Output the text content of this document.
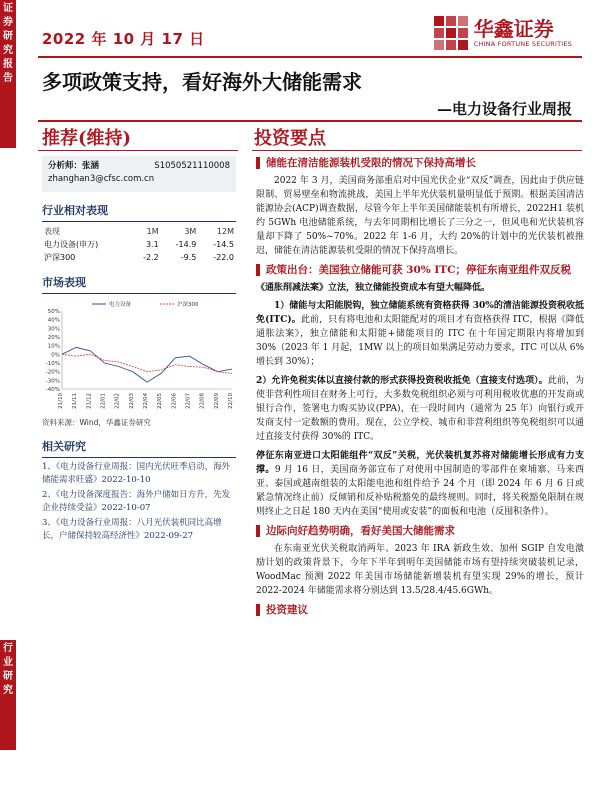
证
券
研
究
报
告
行
业
研
究
2022 年 10 月 17 日	华鑫证券
CHINA FORTUNE SECURITIES
多项政策支持，看好海外大储能需求
—电力设备行业周报
推荐(维持)	投资要点
分析师：张涵	S1050521110008
zhanghan3@cfsc.com.cn
行业相对表现
表现	1M	3M	12M
电力设备(申万)	3.1	-14.9	-14.5
沪深300	-2.2	-9.5	-22.0
市场表现
50%
40%
30%
20%
10%
0%
-10%
-20%
-30%
-40%
21/10 21/11 21/12 22/01 22/02 22/03 22/04 22/05 22/06 22/07 22/08 22/09 22/10
电力设备	沪深300
资料来源：Wind，华鑫证券研究
相关研究
1、《电力设备行业周报：国内光伏旺季启动，海外储能需求旺盛》2022-10-10
2、《电力设备深度报告：海外户储如日方升，先发企业持续受益》2022-10-07
3、《电力设备行业周报：八月光伏装机同比高增长，户储保持较高经济性》2022-09-27
储能在清洁能源装机受限的情况下保持高增长
2022 年 3 月，美国商务部重启对中国光伏企业“双反”调查，因此由于供应链限制、贸易壁垒和物流挑战，美国上半年光伏装机量明显低于预期。根据美国清洁能源协会(ACP)调查数据，尽管今年上半年美国储能装机有所增长，2022H1 装机约 5GWh 电池储能系统，与去年同期相比增长了三分之一，但风电和光伏装机容量却下降了 50%~70%。2022 年 1-6 月，大约 20%的计划中的光伏装机被推迟，储能在清洁能源装机受限的情况下保持高增长。
政策出台：美国独立储能可获 30% ITC；停征东南亚组件双反税
《通胀削减法案》立法，独立储能投资成本有望大幅降低。
1）储能与太阳能脱钩，独立储能系统有资格获得 30%的清洁能源投资税收抵免(ITC)。此前，只有将电池和太阳能配对的项目才有资格获得 ITC，根据《降低通胀法案》，独立储能和太阳能+储能项目的 ITC 在十年国定期限内将增加到 30%（2023 年 1 月起，1MW 以上的项目如果满足劳动力要求，ITC 可以从 6%增长到 30%）；
2）允许免税实体以直接付款的形式获得投资税收抵免（直接支付选项）。此前，为使非营利性项目在财务上可行，大多数免税组织必须与可利用税收优惠的开发商或银行合作，签署电力购买协议(PPA)，在一段时间内（通常为 25 年）向银行或开发商支付一定数额的费用。现在，公立学校、城市和非营利组织等免税组织可以通过直接支付获得 30%的 ITC。
停征东南亚进口太阳能组件“双反”关税，光伏装机复苏将对储能增长形成有力支撑。9 月 16 日，美国商务部宣布了对使用中国制造的零部件在柬埔寨、马来西亚、泰国或越南组装的太阳能电池和组件给予 24 个月（即 2024 年 6 月 6 日或紧急情况终止前）反倾销和反补贴税豁免的最终规则。同时，将关税豁免限制在规则终止之日起 180 天内在美国“使用或安装”的面板和电池（反囤积条件）。
边际向好趋势明确，看好美国大储能需求
在东南亚光伏关税取消两年、2023 年 IRA 新政生效、加州 SGIP 自发电激励计划的政策背景下，今年下半年到明年美国储能市场有望持续突破装机记录，WoodMac 预测 2022 年美国市场储能新增装机有望实现 29%的增长，预计 2022-2024 年储能需求将分别达到 13.5/28.4/45.6GWh。
投资建议
